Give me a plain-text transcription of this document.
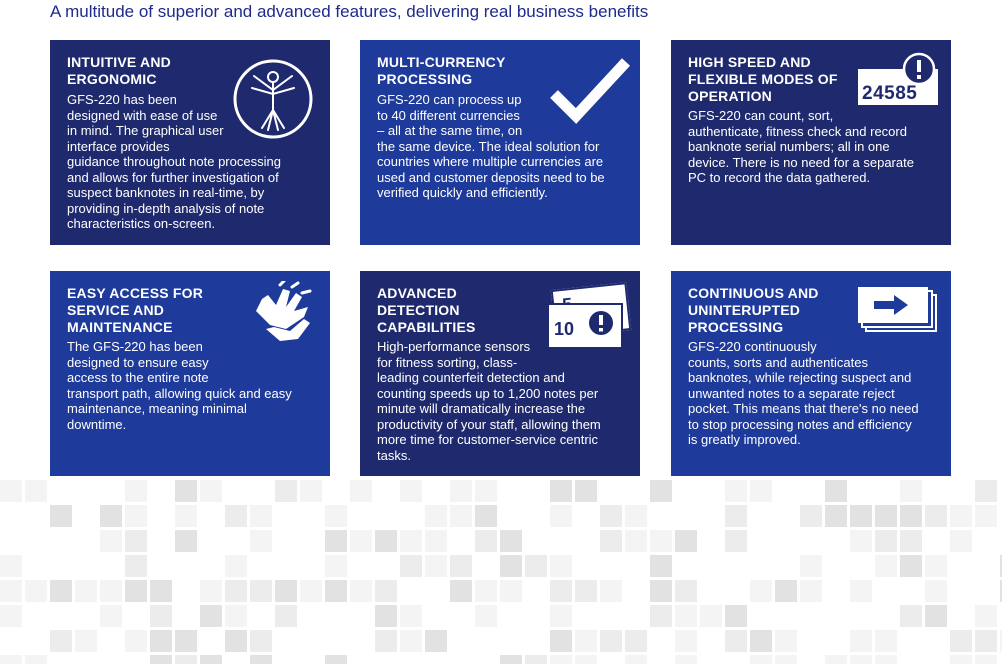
A multitude of superior and advanced features, delivering real business benefits
INTUITIVE AND
ERGONOMIC
GFS-220 has been
designed with ease of use
in mind. The graphical user
interface provides
guidance throughout note processing
and allows for further investigation of
suspect banknotes in real-time, by
providing in-depth analysis of note
characteristics on-screen.
MULTI-CURRENCY
PROCESSING
GFS-220 can process up
to 40 different currencies
– all at the same time, on
the same device. The ideal solution for
countries where multiple currencies are
used and customer deposits need to be
verified quickly and efficiently.
HIGH SPEED AND
FLEXIBLE MODES OF
OPERATION
GFS-220 can count, sort,
authenticate, fitness check and record
banknote serial numbers; all in one
device. There is no need for a separate
PC to record the data gathered.
24585
EASY ACCESS FOR
SERVICE AND
MAINTENANCE
The GFS-220 has been
designed to ensure easy
access to the entire note
transport path, allowing quick and easy
maintenance, meaning minimal
downtime.
ADVANCED
DETECTION
CAPABILITIES
High-performance sensors
for fitness sorting, class-
leading counterfeit detection and
counting speeds up to 1,200 notes per
minute will dramatically increase the
productivity of your staff, allowing them
more time for customer-service centric
tasks.
10
CONTINUOUS AND
UNINTERUPTED
PROCESSING
GFS-220 continuously
counts, sorts and authenticates
banknotes, while rejecting suspect and
unwanted notes to a separate reject
pocket. This means that there's no need
to stop processing notes and efficiency
is greatly improved.
